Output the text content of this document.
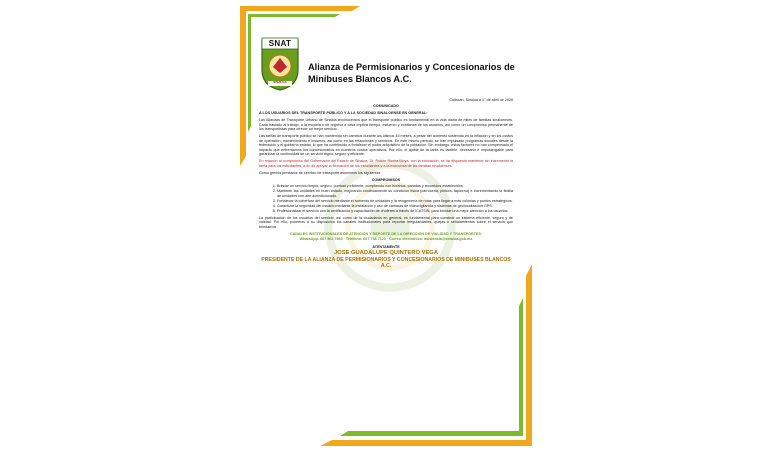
SNAT
SINALOA
Alianza de Permisionarios y Concesionarios de Minibuses Blancos A.C.
Culiacán, Sinaloa a 1° de abril de 2026
COMUNICADO
A LOS USUARIOS DEL TRANSPORTE PÚBLICO Y A LA SOCIEDAD SINALOENSE EN GENERAL:

Las Alianzas de Transporte Urbano de Sinaloa reconocemos que el transporte público es fundamental en la vida diaria de miles de familias sinaloenses. Cada traslado al trabajo, a la escuela o de regreso a casa implica tiempo, esfuerzo y confianza de los usuarios, así como un compromiso permanente de los transportistas para ofrecer un mejor servicio.

Las tarifas de transporte público se han mantenido sin cambios durante los últimos 45 meses, a pesar del aumento sostenido en la inflación y en los costos de operación, mantenimiento e insumos, así como en las refacciones y servicios. En este mismo periodo, se han impulsado programas sociales desde la federación y el gobierno estatal, lo que ha contribuido a fortalecer el poder adquisitivo de la población. Sin embargo, estos factores no han compensado el impacto que enfrentamos los concesionarios en nuestros costos operativos. Por ello, el ajuste de la tarifa es factible, necesario e impostergable para garantizar la continuidad de un servicio digno, seguro y eficiente.

En relación al compromiso del Gobernador del Estado de Sinaloa, Dr. Rubén Rocha Moya, con la educación, se ha dispuesto mantener sin incremento la tarifa para los estudiantes, a fin de apoyar la formación de los estudiantes y a la economía de las familias sinaloenses.

Como gremio prestador de servicio de transporte asumimos los siguientes
COMPROMISOS
1. Brindar un servicio limpio, seguro, puntual y eficiente, cumpliendo con horarios, paradas y recorridos establecidos.
2. Mantener las unidades en buen estado, mejorando continuamente su condición física (carrocería, pintura, tapicería) e incrementando la flotilla de unidades con aire acondicionado.
3. Fortalecer la cobertura del servicio mediante el aumento de unidades y la reingeniería de rutas para llegar a más colonias y puntos estratégicos.
4. Garantizar la seguridad del usuario mediante la instalación y uso de cámaras de videovigilancia y sistemas de geolocalización GPS.
5. Profesionalizar el servicio con la certificación y capacitación de choferes a través de ICATSIN, para brindar una mejor atención a los usuarios.

La participación de los usuarios del servicio, así como de la ciudadanía en general, es fundamental para construir un sistema eficiente, seguro y de calidad. Por ello, ponemos a su disposición los canales institucionales para reportar irregularidades, quejas o señalamientos sobre el servicio que brindamos.

CANALES INSTITUCIONALES DE ATENCIÓN Y REPORTE DE LA DIRECCIÓN DE VIALIDAD Y TRANSPORTES:
WhatsApp: 667 502 7665 · Teléfono: 667 758 7123 · Correo electrónico: asistencia@sinaloa.gob.mx
ATENTAMENTE
JOSE GUADALUPE QUINTERO VEGA
PRESIDENTE DE LA ALIANZA DE PERMISIONARIOS Y CONCESIONARIOS DE MINIBUSES BLANCOS A.C.
